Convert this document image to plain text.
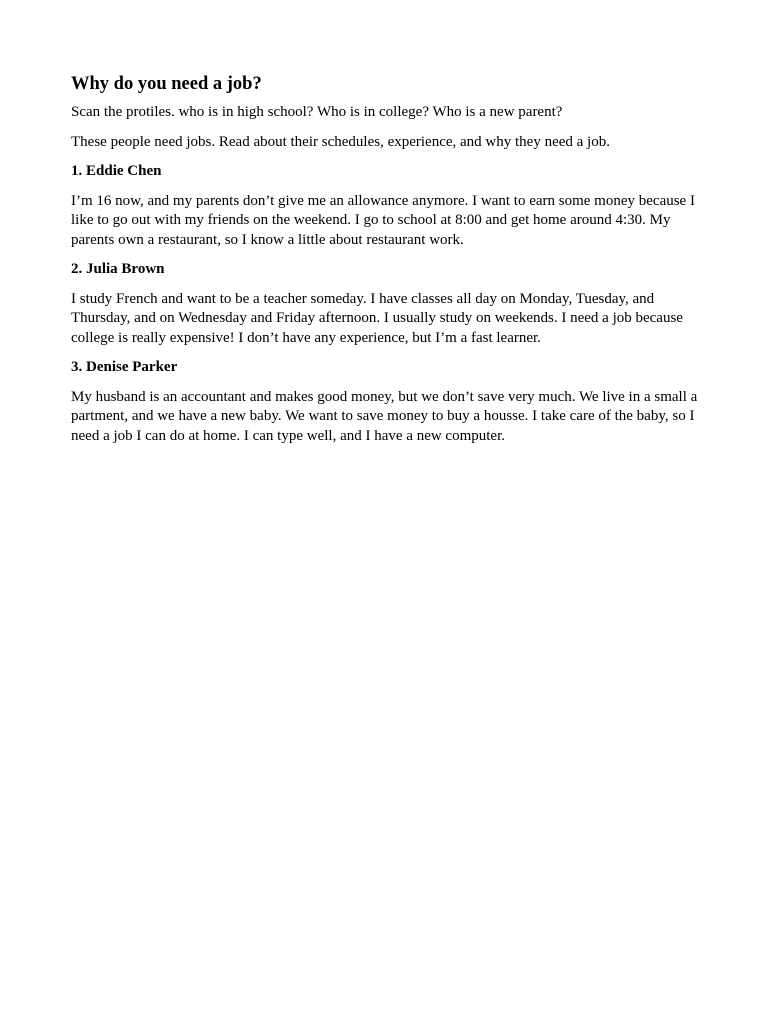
Why do you need a job?

Scan the protiles. who is in high school? Who is in college? Who is a new parent?

These people need jobs. Read about their schedules, experience, and why they need a job.

1. Eddie Chen

I’m 16 now, and my parents don’t give me an allowance anymore. I want to earn some money because I like to go out with my friends on the weekend. I go to school at 8:00 and get home around 4:30. My parents own a restaurant, so I know a little about restaurant work.

2. Julia Brown

I study French and want to be a teacher someday. I have classes all day on Monday, Tuesday, and Thursday, and on Wednesday and Friday afternoon. I usually study on weekends. I need a job because college is really expensive! I don’t have any experience, but I’m a fast learner.

3. Denise Parker

My husband is an accountant and makes good money, but we don’t save very much. We live in a small a partment, and we have a new baby. We want to save money to buy a housse. I take care of the baby, so I need a job I can do at home. I can type well, and I have a new computer.
